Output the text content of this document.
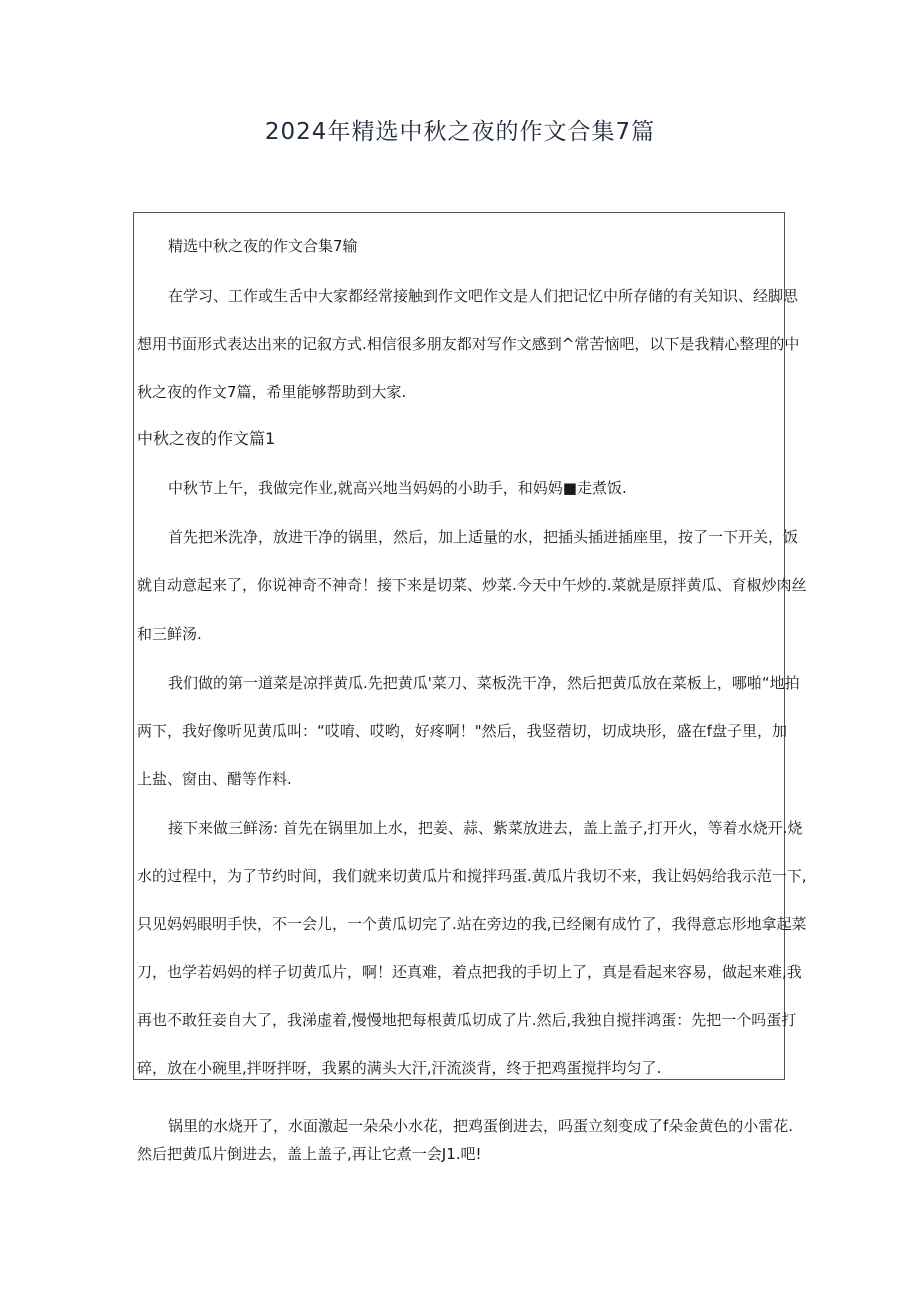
2024年精选中秋之夜的作文合集7篇

精选中秋之夜的作文合集7输

在学习、工作或生舌中大家都经常接触到作文吧作文是人们把记忆中所存储的有关知识、经脚思

想用书面形式表达出来的记叙方式.相信很多朋友都对写作文感到^常苦恼吧，以下是我精心整理的中

秋之夜的作文7篇，希里能够帮助到大家.

中秋之夜的作文篇1

中秋节上午，我做完作业,就高兴地当妈妈的小助手，和妈妈■走煮饭.

首先把米洗净，放进干净的锅里，然后，加上适量的水，把插头插迸插座里，按了一下开关，饭

就自动意起来了，你说神奇不神奇！接下来是切菜、炒菜.今天中午炒的.菜就是原拌黄瓜、育椒炒肉丝

和三鲜汤.

我们做的第一道菜是凉拌黄瓜.先把黄瓜'菜刀、菜板洗干净，然后把黄瓜放在菜板上，哪啪“地拍

两下，我好像听见黄瓜叫：“哎唷、哎哟，好疼啊！"然后，我竖蓿切，切成块形，盛在f盘子里，加

上盐、窗由、醋等作料.

接下来做三鲜汤: 首先在锅里加上水，把姜、蒜、紫菜放进去，盖上盖子,打开火，等着水烧开.烧

水的过程中，为了节约时间，我们就来切黄瓜片和搅拌玛蛋.黄瓜片我切不来，我让妈妈给我示范一下,

只见妈妈眼明手快，不一会儿，一个黄瓜切完了.站在旁边的我,已经阑有成竹了，我得意忘形地拿起菜

刀，也学若妈妈的样子切黄瓜片，啊！还真难，着点把我的手切上了，真是看起来容易，做起来难,我

再也不敢狂妾自大了，我涕虚着,慢慢地把每根黄瓜切成了片.然后,我独自搅拌鸿蛋：先把一个吗蛋打

碎，放在小碗里,拌呀拌呀，我累的满头大汗,汗流淡背，终于把鸡蛋搅拌均匀了.

锅里的水烧开了，水面激起一朵朵小水花，把鸡蛋倒进去，吗蛋立刻变成了f朵金黄色的小雷花.

然后把黄瓜片倒进去，盖上盖子,再让它煮一会J1.吧!
